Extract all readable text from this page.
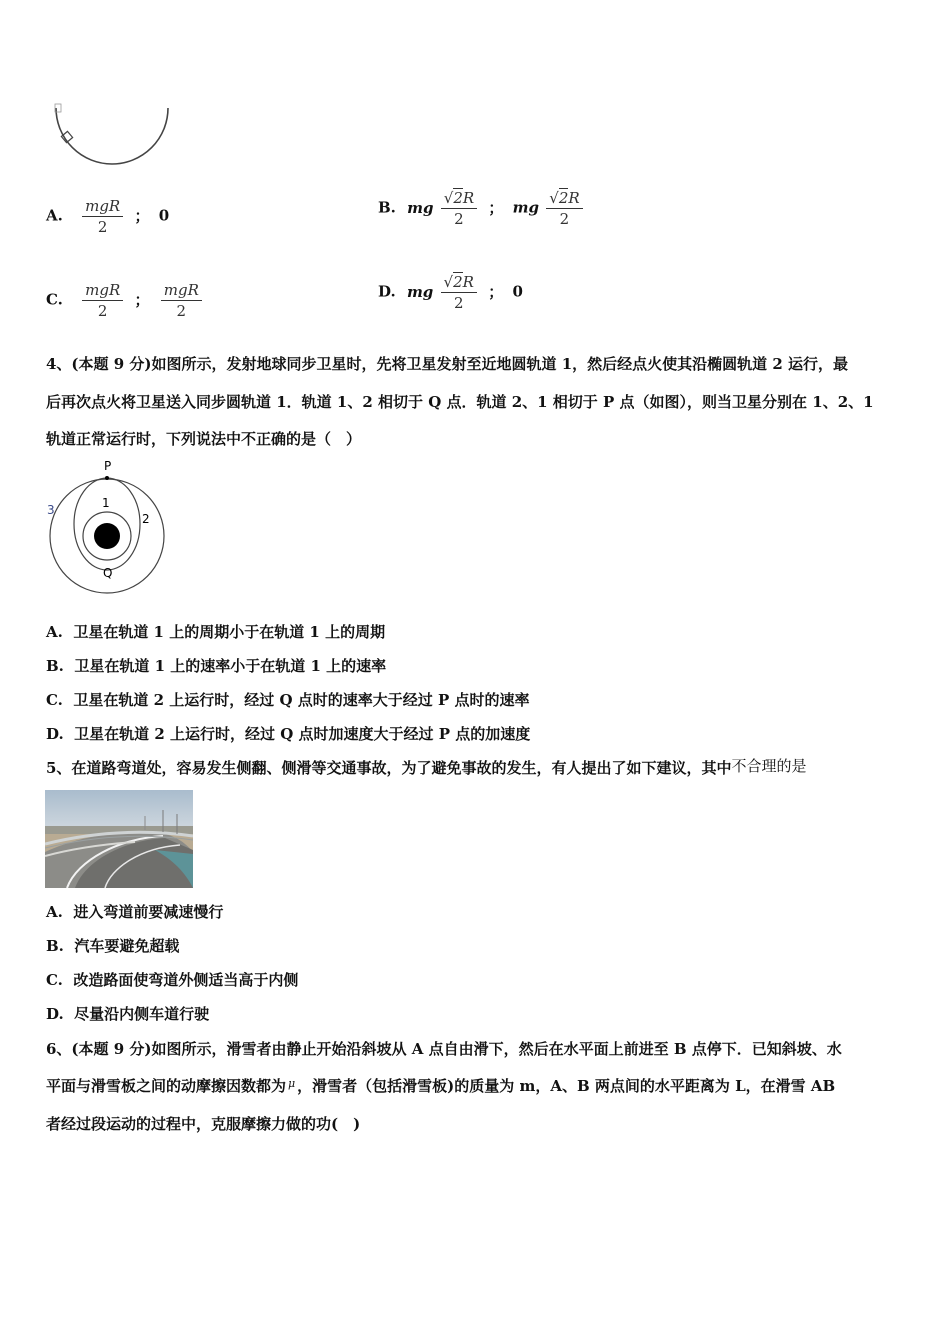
A. $\frac{\text{mgR}}{2}$ ； 0	B. mg $\frac{√2R}{2}$ ； mg $\frac{√2R}{2}$
C. $\frac{\text{mgR}}{2}$ ； $\frac{\text{mgR}}{2}$	D. mg $\frac{√2R}{2}$ ； 0
4、(本题 9 分)如图所示，发射地球同步卫星时，先将卫星发射至近地圆轨道 1，然后经点火使其沿椭圆轨道 2 运行，最
后再次点火将卫星送入同步圆轨道 1．轨道 1、2 相切于 Q 点．轨道 2、1 相切于 P 点（如图），则当卫星分别在 1、2、1
轨道正常运行时，下列说法中不正确的是（　）
P
Q
1
2
3
A. 卫星在轨道 1 上的周期小于在轨道 1 上的周期
B. 卫星在轨道 1 上的速率小于在轨道 1 上的速率
C. 卫星在轨道 2 上运行时，经过 Q 点时的速率大于经过 P 点时的速率
D. 卫星在轨道 2 上运行时，经过 Q 点时加速度大于经过 P 点的加速度
5、在道路弯道处，容易发生侧翻、侧滑等交通事故，为了避免事故的发生，有人提出了如下建议，其中不合理的是
A. 进入弯道前要减速慢行
B. 汽车要避免超载
C. 改造路面使弯道外侧适当高于内侧
D. 尽量沿内侧车道行驶
6、(本题 9 分)如图所示，滑雪者由静止开始沿斜坡从 A 点自由滑下，然后在水平面上前进至 B 点停下．已知斜坡、水
平面与滑雪板之间的动摩擦因数都为 $^\mu$ ，滑雪者（包括滑雪板)的质量为 m，A、B 两点间的水平距离为 L，在滑雪 AB
者经过段运动的过程中，克服摩擦力做的功(　)
